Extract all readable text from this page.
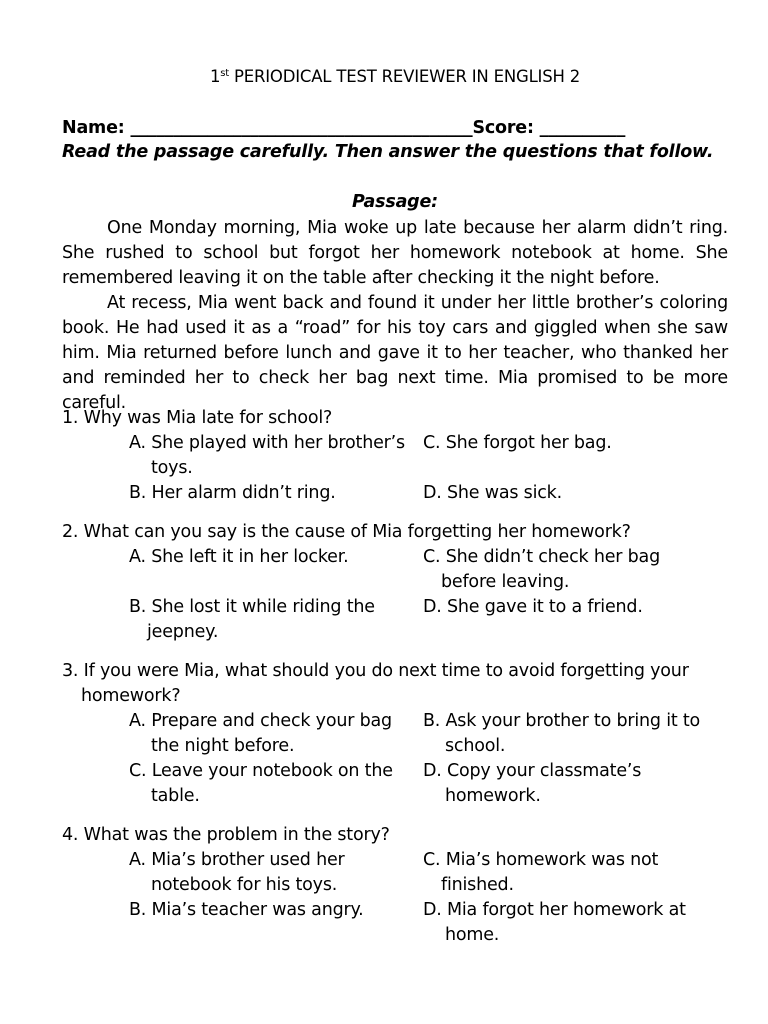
1st PERIODICAL TEST REVIEWER IN ENGLISH 2
Name: ________________________________________Score: __________
Read the passage carefully. Then answer the questions that follow.
Passage:

One Monday morning, Mia woke up late because her alarm didn’t ring. She rushed to school but forgot her homework notebook at home. She remembered leaving it on the table after checking it the night before.

At recess, Mia went back and found it under her little brother’s coloring book. He had used it as a “road” for his toy cars and giggled when she saw him. Mia returned before lunch and gave it to her teacher, who thanked her and reminded her to check her bag next time. Mia promised to be more careful.

1. Why was Mia late for school?
A. She played with her brother’s toys.
B. Her alarm didn’t ring.
C. She forgot her bag.
D. She was sick.
2. What can you say is the cause of Mia forgetting her homework?
A. She left it in her locker.
B. She lost it while riding the jeepney.
C. She didn’t check her bag before leaving.
D. She gave it to a friend.
3. If you were Mia, what should you do next time to avoid forgetting your homework?
A. Prepare and check your bag the night before.
C. Leave your notebook on the table.
B. Ask your brother to bring it to school.
D. Copy your classmate’s homework.
4. What was the problem in the story?
A. Mia’s brother used her notebook for his toys.
B. Mia’s teacher was angry.
C. Mia’s homework was not finished.
D. Mia forgot her homework at home.
